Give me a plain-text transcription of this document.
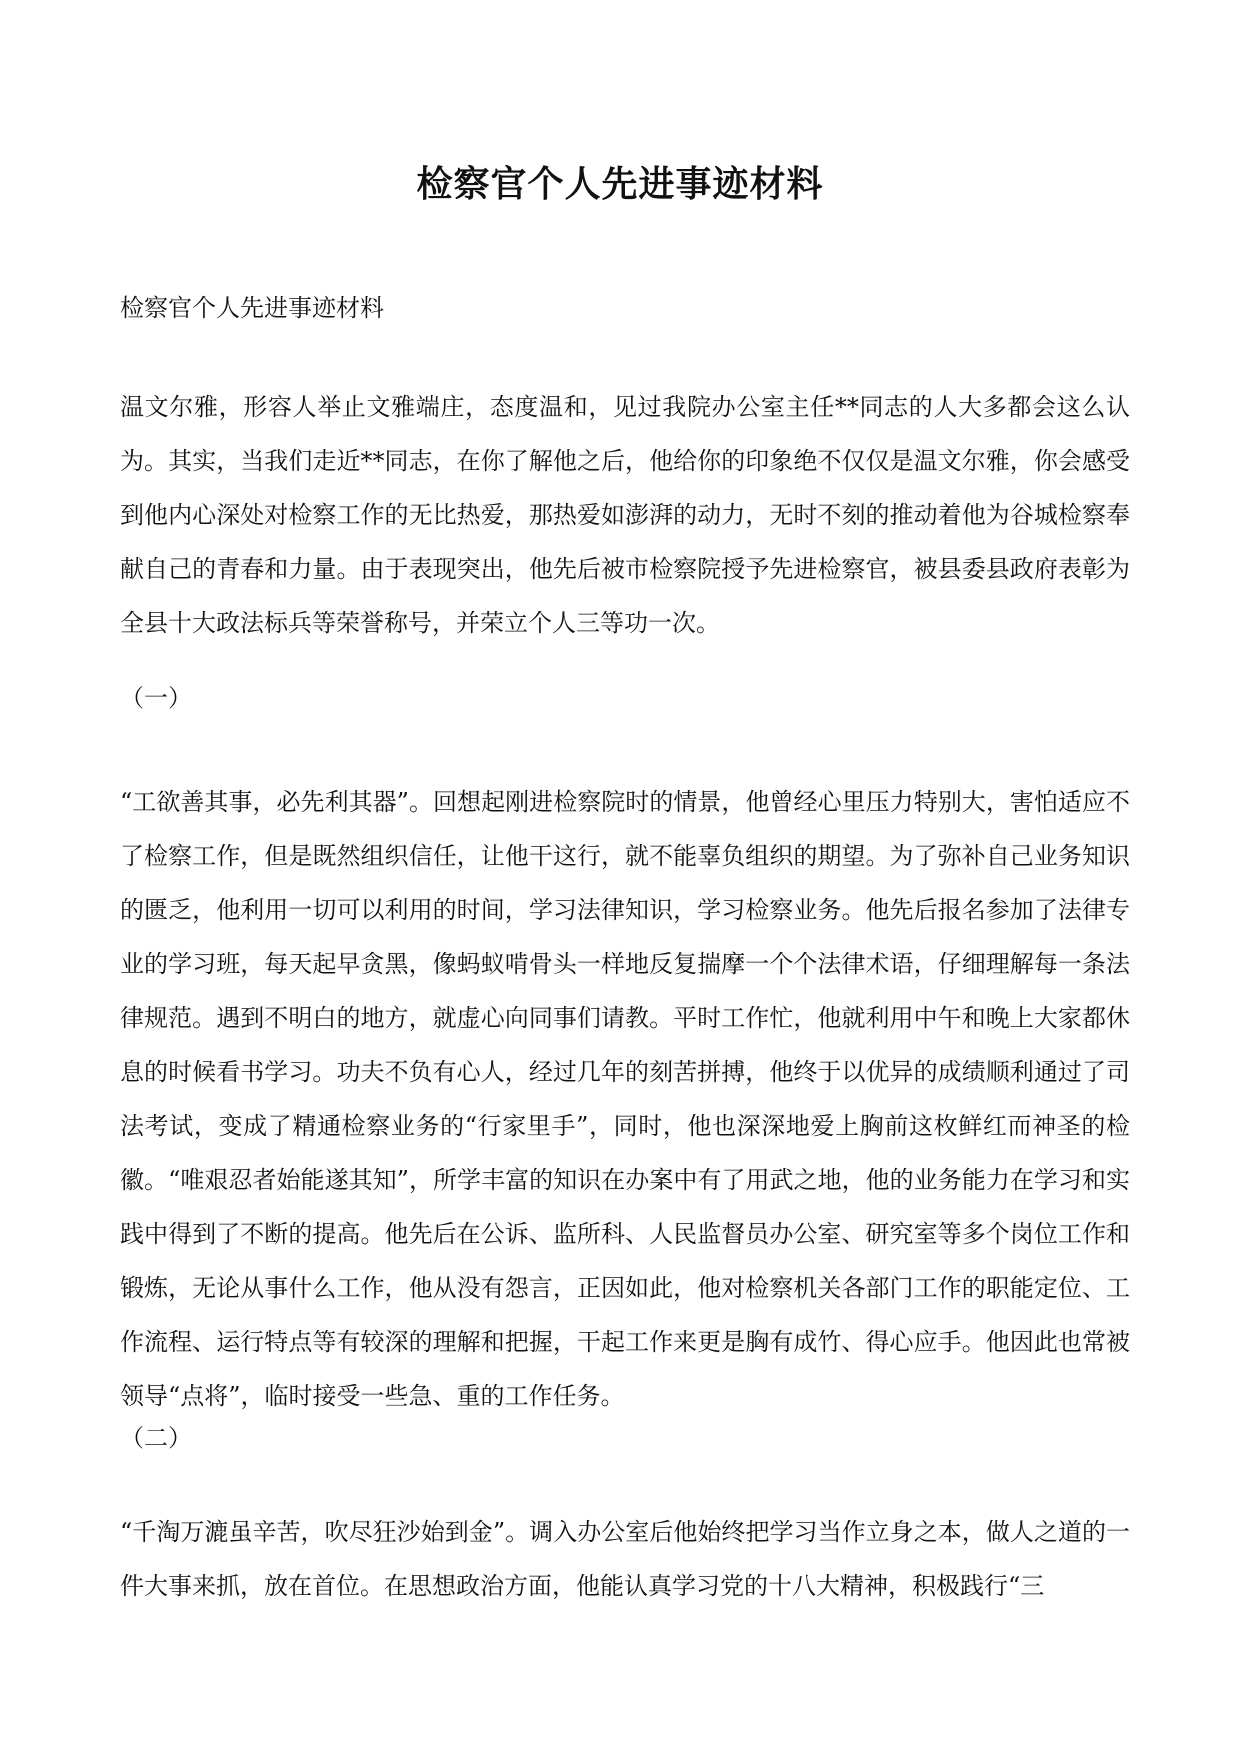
检察官个人先进事迹材料

检察官个人先进事迹材料

温文尔雅，形容人举止文雅端庄，态度温和，见过我院办公室主任**同志的人大多都会这么认为。其实，当我们走近**同志，在你了解他之后，他给你的印象绝不仅仅是温文尔雅，你会感受到他内心深处对检察工作的无比热爱，那热爱如澎湃的动力，无时不刻的推动着他为谷城检察奉献自己的青春和力量。由于表现突出，他先后被市检察院授予先进检察官，被县委县政府表彰为全县十大政法标兵等荣誉称号，并荣立个人三等功一次。

（一）

“工欲善其事，必先利其器”。回想起刚进检察院时的情景，他曾经心里压力特别大，害怕适应不了检察工作，但是既然组织信任，让他干这行，就不能辜负组织的期望。为了弥补自己业务知识的匮乏，他利用一切可以利用的时间，学习法律知识，学习检察业务。他先后报名参加了法律专业的学习班，每天起早贪黑，像蚂蚁啃骨头一样地反复揣摩一个个法律术语，仔细理解每一条法律规范。遇到不明白的地方，就虚心向同事们请教。平时工作忙，他就利用中午和晚上大家都休息的时候看书学习。功夫不负有心人，经过几年的刻苦拼搏，他终于以优异的成绩顺利通过了司法考试，变成了精通检察业务的“行家里手”，同时，他也深深地爱上胸前这枚鲜红而神圣的检徽。“唯艰忍者始能遂其知”，所学丰富的知识在办案中有了用武之地，他的业务能力在学习和实践中得到了不断的提高。他先后在公诉、监所科、人民监督员办公室、研究室等多个岗位工作和锻炼，无论从事什么工作，他从没有怨言，正因如此，他对检察机关各部门工作的职能定位、工作流程、运行特点等有较深的理解和把握，干起工作来更是胸有成竹、得心应手。他因此也常被领导“点将”，临时接受一些急、重的工作任务。

（二）

“千淘万漉虽辛苦，吹尽狂沙始到金”。调入办公室后他始终把学习当作立身之本，做人之道的一件大事来抓，放在首位。在思想政治方面，他能认真学习党的十八大精神，积极践行“三
